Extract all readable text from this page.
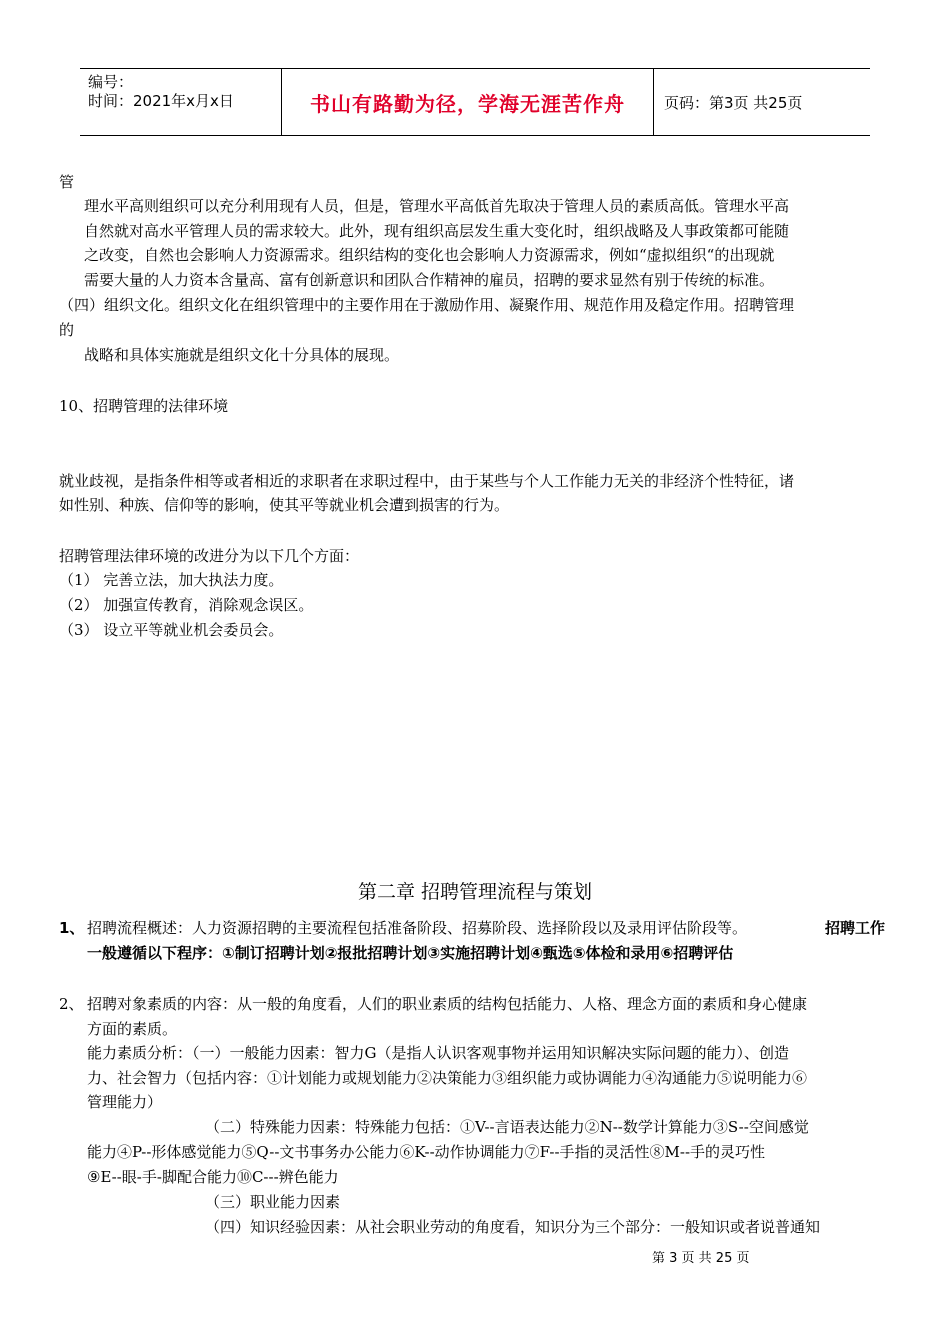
编号：
时间：2021年x月x日	书山有路勤为径，学海无涯苦作舟	页码：第3页 共25页
管
理水平高则组织可以充分利用现有人员，但是，管理水平高低首先取决于管理人员的素质高低。管理水平高
自然就对高水平管理人员的需求较大。此外，现有组织高层发生重大变化时，组织战略及人事政策都可能随
之改变，自然也会影响人力资源需求。组织结构的变化也会影响人力资源需求，例如“虚拟组织“的出现就
需要大量的人力资本含量高、富有创新意识和团队合作精神的雇员，招聘的要求显然有别于传统的标准。
（四）组织文化。组织文化在组织管理中的主要作用在于激励作用、凝聚作用、规范作用及稳定作用。招聘管理
的
战略和具体实施就是组织文化十分具体的展现。
10、招聘管理的法律环境
就业歧视，是指条件相等或者相近的求职者在求职过程中，由于某些与个人工作能力无关的非经济个性特征，诸
如性别、种族、信仰等的影响，使其平等就业机会遭到损害的行为。
招聘管理法律环境的改进分为以下几个方面：
（1） 完善立法，加大执法力度。
（2） 加强宣传教育，消除观念误区。
（3） 设立平等就业机会委员会。
第二章 招聘管理流程与策划
1、 招聘流程概述：人力资源招聘的主要流程包括准备阶段、招募阶段、选择阶段以及录用评估阶段等。	招聘工作
一般遵循以下程序：①制订招聘计划②报批招聘计划③实施招聘计划④甄选⑤体检和录用⑥招聘评估
2、 招聘对象素质的内容：从一般的角度看，人们的职业素质的结构包括能力、人格、理念方面的素质和身心健康
方面的素质。
能力素质分析：（一）一般能力因素：智力G（是指人认识客观事物并运用知识解决实际问题的能力）、创造
力、社会智力（包括内容：①计划能力或规划能力②决策能力③组织能力或协调能力④沟通能力⑤说明能力⑥
管理能力）
（二）特殊能力因素：特殊能力包括：①V--言语表达能力②N--数学计算能力③S--空间感觉
能力④P--形体感觉能力⑤Q--文书事务办公能力⑥K--动作协调能力⑦F--手指的灵活性⑧M--手的灵巧性
⑨E--眼-手-脚配合能力⑩C---辨色能力
（三）职业能力因素
（四）知识经验因素：从社会职业劳动的角度看，知识分为三个部分：一般知识或者说普通知
第 3 页 共 25 页
